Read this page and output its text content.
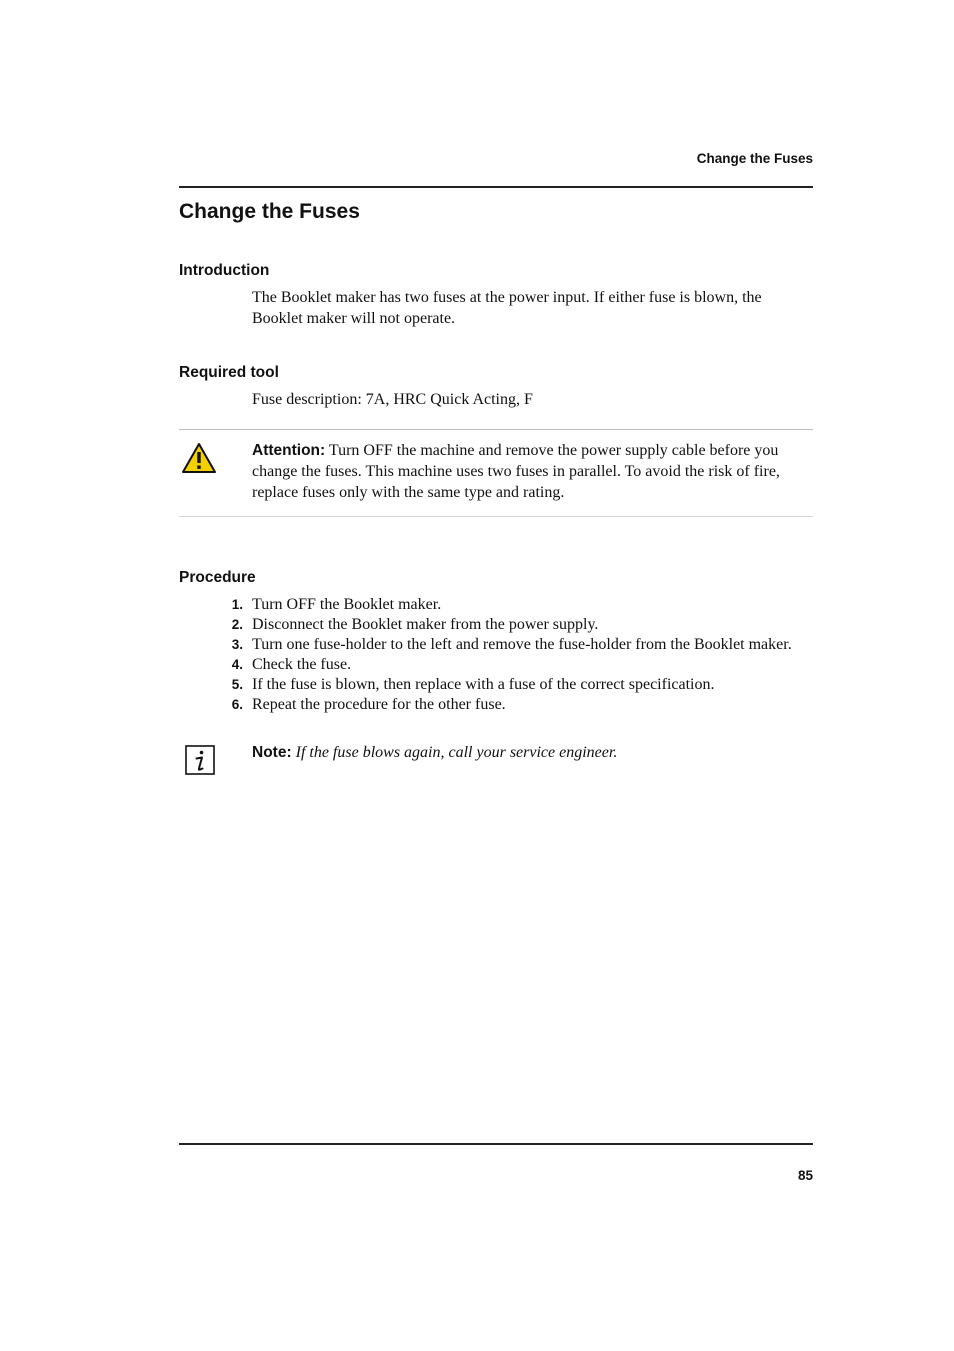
Change the Fuses
Change the Fuses
Introduction

The Booklet maker has two fuses at the power input. If either fuse is blown, the Booklet maker will not operate.

Required tool

Fuse description: 7A, HRC Quick Acting, F

Attention: Turn OFF the machine and remove the power supply cable before you change the fuses. This machine uses two fuses in parallel. To avoid the risk of fire, replace fuses only with the same type and rating.

Procedure
1. Turn OFF the Booklet maker.
2. Disconnect the Booklet maker from the power supply.
3. Turn one fuse-holder to the left and remove the fuse-holder from the Booklet maker.
4. Check the fuse.
5. If the fuse is blown, then replace with a fuse of the correct specification.
6. Repeat the procedure for the other fuse.

Note: If the fuse blows again, call your service engineer.

85
